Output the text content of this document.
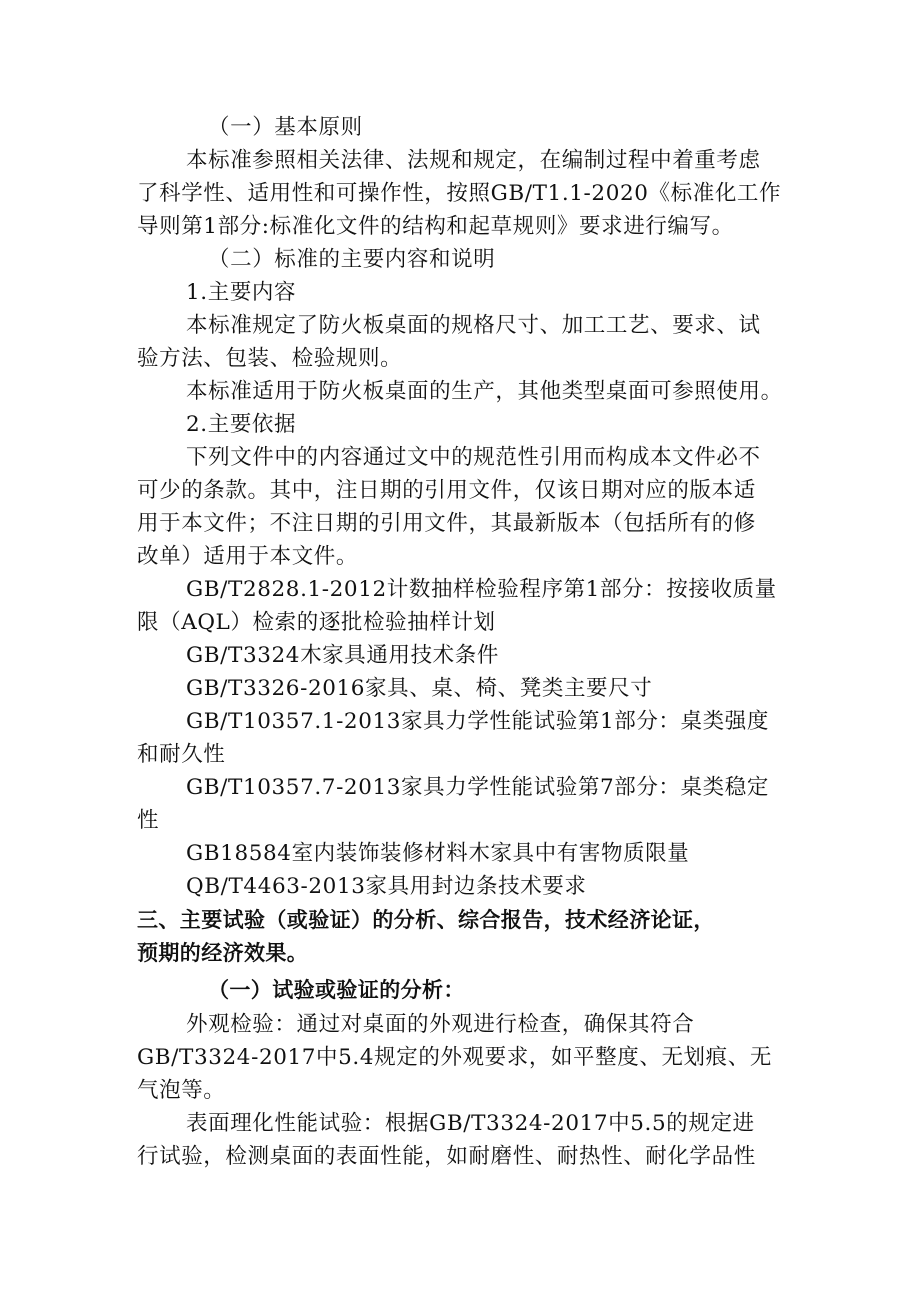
（一）基本原则
本标准参照相关法律、法规和规定，在编制过程中着重考虑
了科学性、适用性和可操作性，按照GB/T1.1-2020《标准化工作
导则第1部分:标准化文件的结构和起草规则》要求进行编写。
（二）标准的主要内容和说明
1.主要内容
本标准规定了防火板桌面的规格尺寸、加工工艺、要求、试
验方法、包装、检验规则。
本标准适用于防火板桌面的生产，其他类型桌面可参照使用。
2.主要依据
下列文件中的内容通过文中的规范性引用而构成本文件必不
可少的条款。其中，注日期的引用文件，仅该日期对应的版本适
用于本文件；不注日期的引用文件，其最新版本（包括所有的修
改单）适用于本文件。
GB/T2828.1-2012计数抽样检验程序第1部分：按接收质量
限（AQL）检索的逐批检验抽样计划
GB/T3324木家具通用技术条件
GB/T3326-2016家具、桌、椅、凳类主要尺寸
GB/T10357.1-2013家具力学性能试验第1部分：桌类强度
和耐久性
GB/T10357.7-2013家具力学性能试验第7部分：桌类稳定
性
GB18584室内装饰装修材料木家具中有害物质限量
QB/T4463-2013家具用封边条技术要求
三、主要试验（或验证）的分析、综合报告，技术经济论证，
预期的经济效果。
（一）试验或验证的分析：
外观检验：通过对桌面的外观进行检查，确保其符合
GB/T3324-2017中5.4规定的外观要求，如平整度、无划痕、无
气泡等。
表面理化性能试验：根据GB/T3324-2017中5.5的规定进
行试验，检测桌面的表面性能，如耐磨性、耐热性、耐化学品性
